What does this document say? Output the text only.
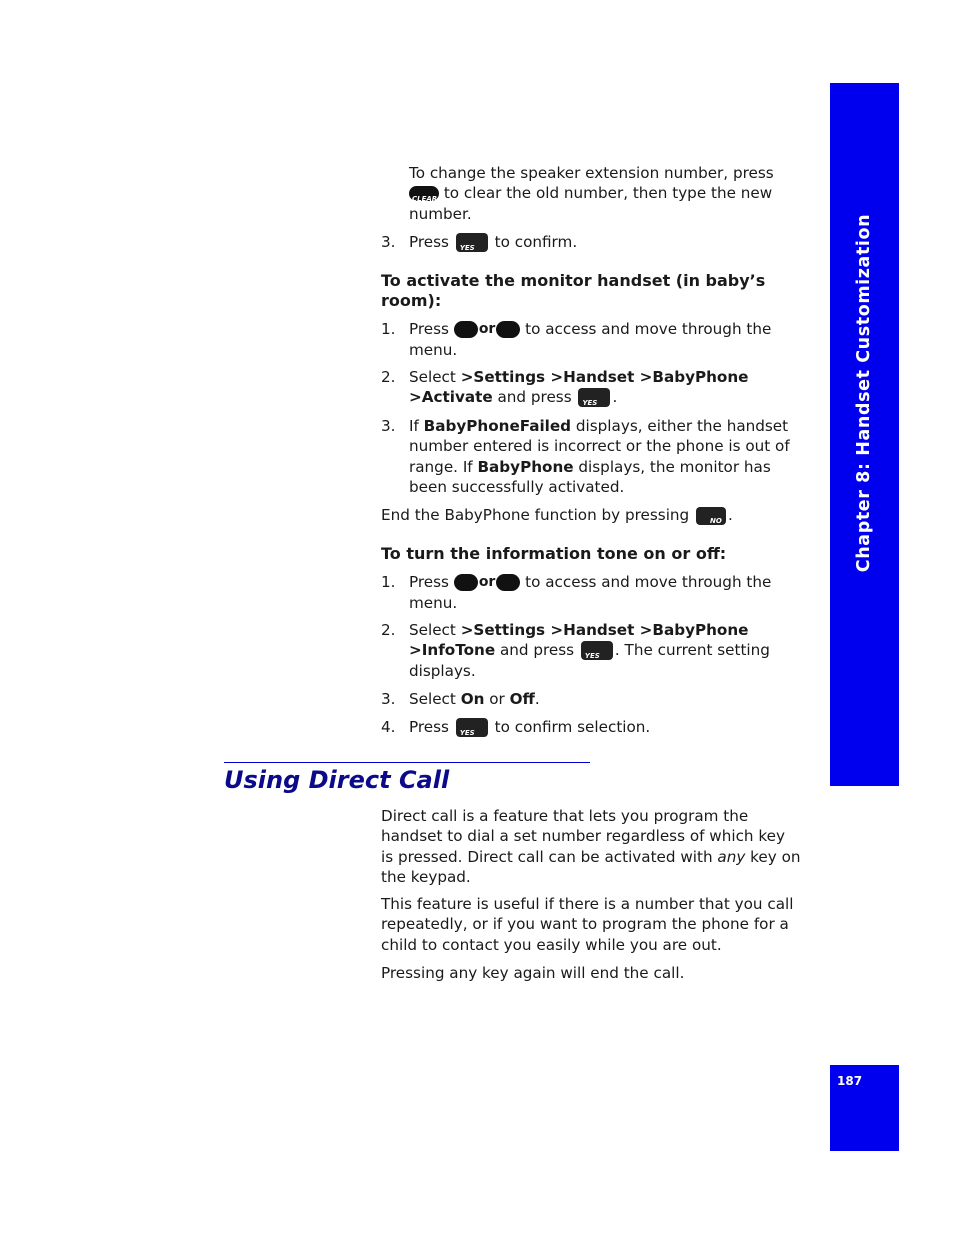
Chapter 8: Handset Customization
To change the speaker extension number, press
CLEAR to clear the old number, then type the new number.
3. Press YES	to confirm.
To activate the monitor handset (in baby’s room):
1. Press or to access and move through the menu.
2. Select >Settings >Handset >BabyPhone >Activate and press YES	.
3. If BabyPhoneFailed displays, either the handset number entered is incorrect or the phone is out of range. If BabyPhone displays, the monitor has been successfully activated.
End the BabyPhone function by pressing NO	.
To turn the information tone on or off:
1. Press or to access and move through the menu.
2. Select >Settings >Handset >BabyPhone >InfoTone and press YES	. The current setting displays.
3. Select On or Off.
4. Press YES	to confirm selection.
Using Direct Call
Direct call is a feature that lets you program the handset to dial a set number regardless of which key is pressed. Direct call can be activated with any key on the keypad.
This feature is useful if there is a number that you call repeatedly, or if you want to program the phone for a child to contact you easily while you are out.
Pressing any key again will end the call.
187
